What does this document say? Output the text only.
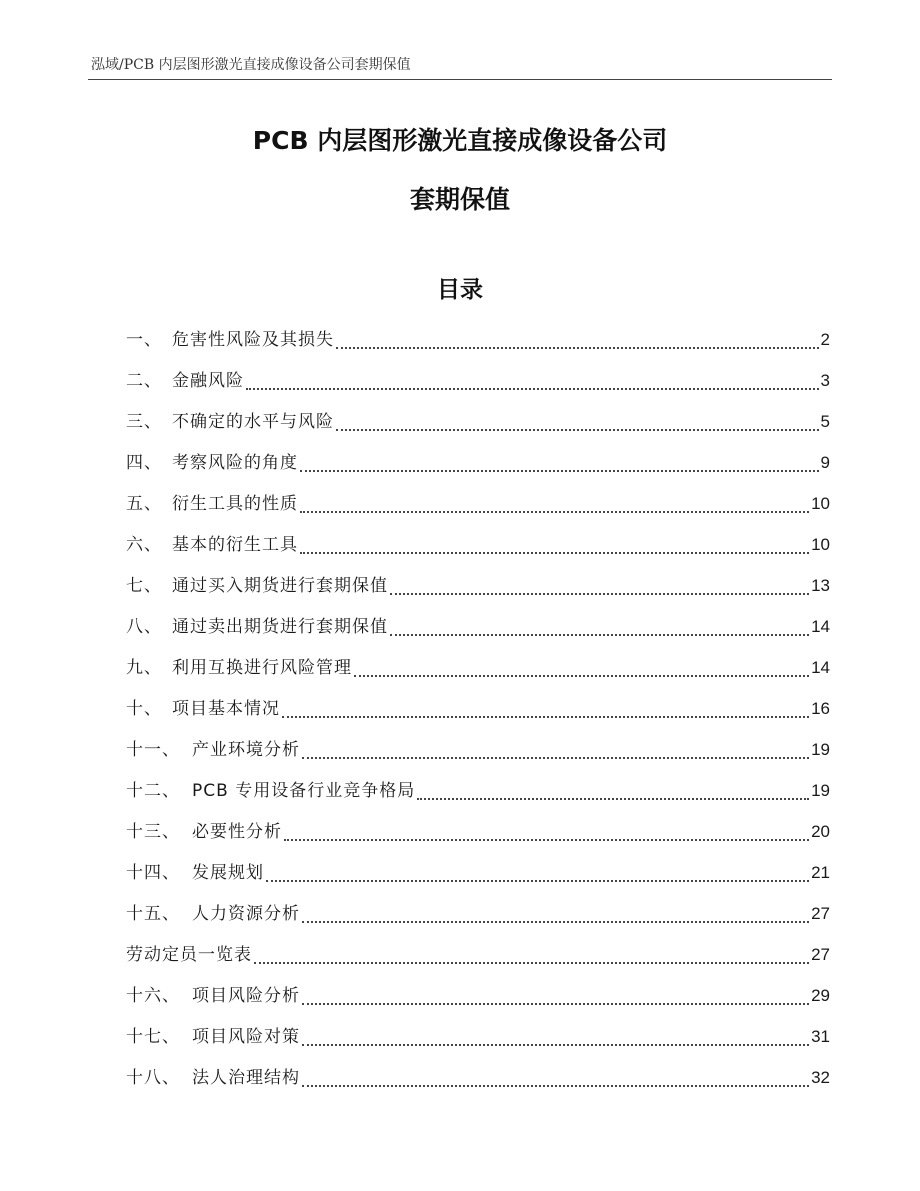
泓域/PCB 内层图形激光直接成像设备公司套期保值
PCB 内层图形激光直接成像设备公司
套期保值
目录
一、 危害性风险及其损失	2
二、 金融风险	3
三、 不确定的水平与风险	5
四、 考察风险的角度	9
五、 衍生工具的性质	10
六、 基本的衍生工具	10
七、 通过买入期货进行套期保值	13
八、 通过卖出期货进行套期保值	14
九、 利用互换进行风险管理	14
十、 项目基本情况	16
十一、 产业环境分析	19
十二、 PCB 专用设备行业竞争格局	19
十三、 必要性分析	20
十四、 发展规划	21
十五、 人力资源分析	27
劳动定员一览表	27
十六、 项目风险分析	29
十七、 项目风险对策	31
十八、 法人治理结构	32
